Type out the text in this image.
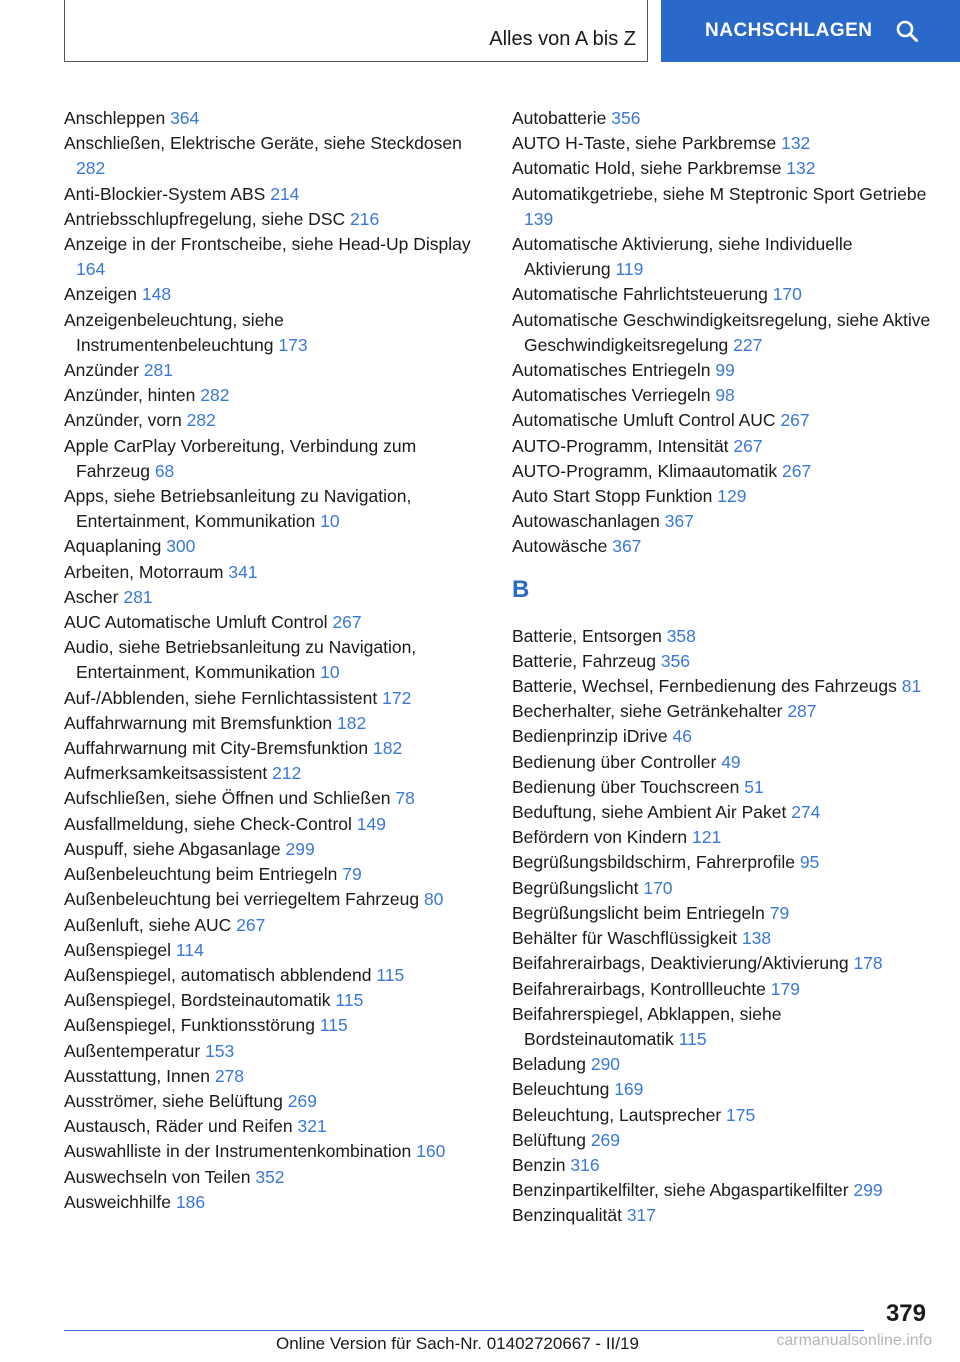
Alles von A bis Z	NACHSCHLAGEN
Anschleppen 364
Anschließen, Elektrische Geräte, siehe Steckdosen 282
Anti-Blockier-System ABS 214
Antriebsschlupfregelung, siehe DSC 216
Anzeige in der Frontscheibe, siehe Head-Up Display 164
Anzeigen 148
Anzeigenbeleuchtung, siehe Instrumentenbeleuchtung 173
Anzünder 281
Anzünder, hinten 282
Anzünder, vorn 282
Apple CarPlay Vorbereitung, Verbindung zum Fahrzeug 68
Apps, siehe Betriebsanleitung zu Navigation, Entertainment, Kommunikation 10
Aquaplaning 300
Arbeiten, Motorraum 341
Ascher 281
AUC Automatische Umluft Control 267
Audio, siehe Betriebsanleitung zu Navigation, Entertainment, Kommunikation 10
Auf-/Abblenden, siehe Fernlichtassistent 172
Auffahrwarnung mit Bremsfunktion 182
Auffahrwarnung mit City-Bremsfunktion 182
Aufmerksamkeitsassistent 212
Aufschließen, siehe Öffnen und Schließen 78
Ausfallmeldung, siehe Check-Control 149
Auspuff, siehe Abgasanlage 299
Außenbeleuchtung beim Entriegeln 79
Außenbeleuchtung bei verriegeltem Fahrzeug 80
Außenluft, siehe AUC 267
Außenspiegel 114
Außenspiegel, automatisch abblendend 115
Außenspiegel, Bordsteinautomatik 115
Außenspiegel, Funktionsstörung 115
Außentemperatur 153
Ausstattung, Innen 278
Ausströmer, siehe Belüftung 269
Austausch, Räder und Reifen 321
Auswahlliste in der Instrumentenkombination 160
Auswechseln von Teilen 352
Ausweichhilfe 186
Autobatterie 356
AUTO H-Taste, siehe Parkbremse 132
Automatic Hold, siehe Parkbremse 132
Automatikgetriebe, siehe M Steptronic Sport Getriebe 139
Automatische Aktivierung, siehe Individuelle Aktivierung 119
Automatische Fahrlichtsteuerung 170
Automatische Geschwindigkeitsregelung, siehe Aktive Geschwindigkeitsregelung 227
Automatisches Entriegeln 99
Automatisches Verriegeln 98
Automatische Umluft Control AUC 267
AUTO-Programm, Intensität 267
AUTO-Programm, Klimaautomatik 267
Auto Start Stopp Funktion 129
Autowaschanlagen 367
Autowäsche 367
B
Batterie, Entsorgen 358
Batterie, Fahrzeug 356
Batterie, Wechsel, Fernbedienung des Fahrzeugs 81
Becherhalter, siehe Getränkehalter 287
Bedienprinzip iDrive 46
Bedienung über Controller 49
Bedienung über Touchscreen 51
Beduftung, siehe Ambient Air Paket 274
Befördern von Kindern 121
Begrüßungsbildschirm, Fahrerprofile 95
Begrüßungslicht 170
Begrüßungslicht beim Entriegeln 79
Behälter für Waschflüssigkeit 138
Beifahrerairbags, Deaktivierung/Aktivierung 178
Beifahrerairbags, Kontrollleuchte 179
Beifahrerspiegel, Abklappen, siehe Bordsteinautomatik 115
Beladung 290
Beleuchtung 169
Beleuchtung, Lautsprecher 175
Belüftung 269
Benzin 316
Benzinpartikelfilter, siehe Abgaspartikelfilter 299
Benzinqualität 317
379
Online Version für Sach-Nr. 01402720667 - II/19	carmanualsonline.info
